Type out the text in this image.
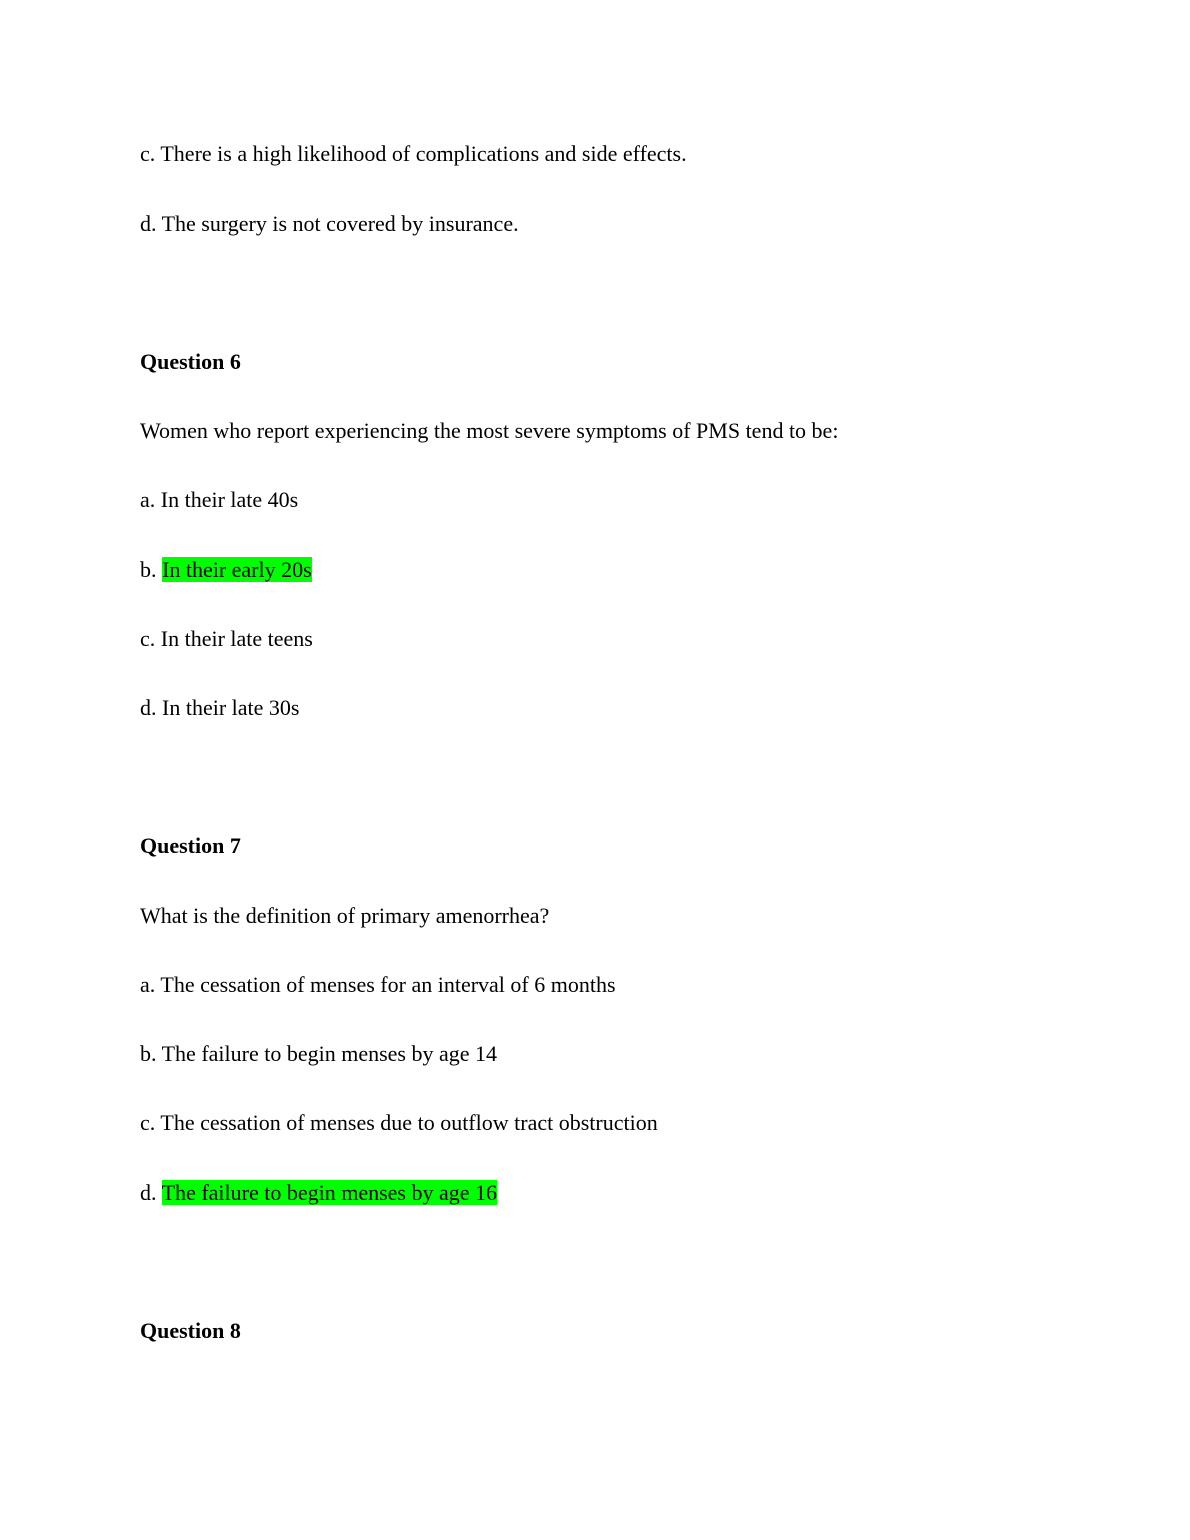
c. There is a high likelihood of complications and side effects.
d. The surgery is not covered by insurance.
Question 6
Women who report experiencing the most severe symptoms of PMS tend to be:
a. In their late 40s
b. In their early 20s
c. In their late teens
d. In their late 30s
Question 7
What is the definition of primary amenorrhea?
a. The cessation of menses for an interval of 6 months
b. The failure to begin menses by age 14
c. The cessation of menses due to outflow tract obstruction
d. The failure to begin menses by age 16
Question 8
